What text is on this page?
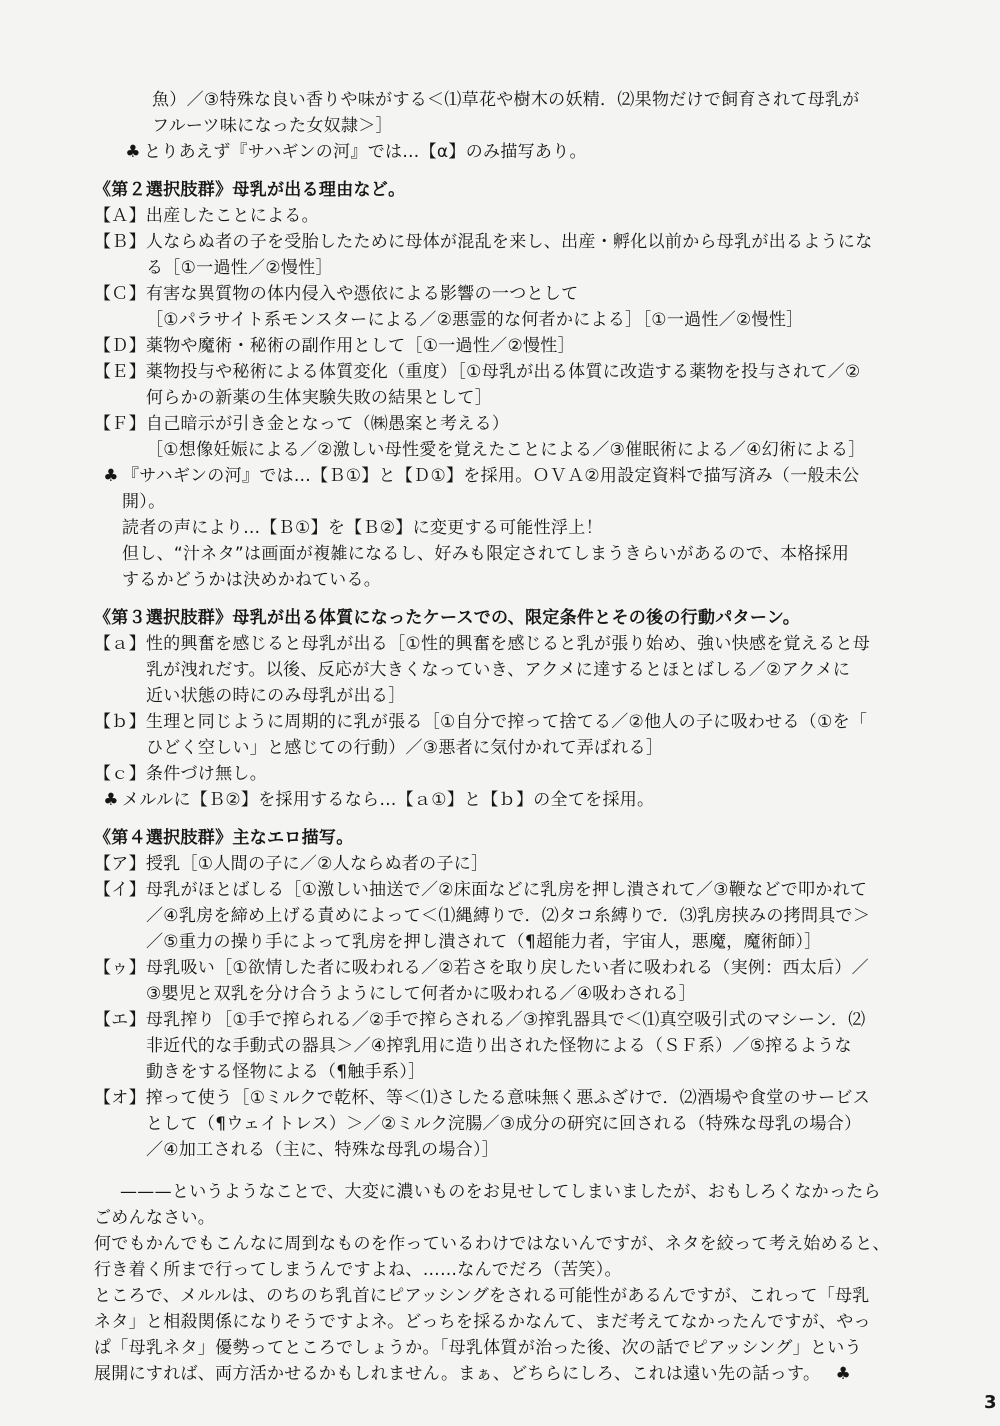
魚）／③特殊な良い香りや味がする＜⑴草花や樹木の妖精．⑵果物だけで飼育されて母乳が
フルーツ味になった女奴隷＞］
♣ とりあえず『サハギンの河』では…【α】のみ描写あり。
《第２選択肢群》母乳が出る理由など。
【Ａ】出産したことによる。
【Ｂ】人ならぬ者の子を受胎したために母体が混乱を来し、出産・孵化以前から母乳が出るようにな
る［①一過性／②慢性］
【Ｃ】有害な異質物の体内侵入や憑依による影響の一つとして
［①パラサイト系モンスターによる／②悪霊的な何者かによる］［①一過性／②慢性］
【Ｄ】薬物や魔術・秘術の副作用として［①一過性／②慢性］
【Ｅ】薬物投与や秘術による体質変化（重度）［①母乳が出る体質に改造する薬物を投与されて／②
何らかの新薬の生体実験失敗の結果として］
【Ｆ】自己暗示が引き金となって（㈱愚案と考える）
［①想像妊娠による／②激しい母性愛を覚えたことによる／③催眠術による／④幻術による］
♣ 『サハギンの河』では…【Ｂ①】と【Ｄ①】を採用。ＯＶＡ②用設定資料で描写済み（一般未公
開）。
読者の声により…【Ｂ①】を【Ｂ②】に変更する可能性浮上！
但し、“汁ネタ”は画面が複雑になるし、好みも限定されてしまうきらいがあるので、本格採用
するかどうかは決めかねている。
《第３選択肢群》母乳が出る体質になったケースでの、限定条件とその後の行動パターン。
【ａ】性的興奮を感じると母乳が出る［①性的興奮を感じると乳が張り始め、強い快感を覚えると母
乳が洩れだす。以後、反応が大きくなっていき、アクメに達するとほとばしる／②アクメに
近い状態の時にのみ母乳が出る］
【ｂ】生理と同じように周期的に乳が張る［①自分で搾って捨てる／②他人の子に吸わせる（①を「
ひどく空しい」と感じての行動）／③悪者に気付かれて弄ばれる］
【ｃ】条件づけ無し。
♣ メルルに【Ｂ②】を採用するなら…【ａ①】と【ｂ】の全てを採用。
《第４選択肢群》主なエロ描写。
【ア】授乳［①人間の子に／②人ならぬ者の子に］
【イ】母乳がほとばしる［①激しい抽送で／②床面などに乳房を押し潰されて／③鞭などで叩かれて
／④乳房を締め上げる責めによって＜⑴縄縛りで．⑵タコ糸縛りで．⑶乳房挟みの拷問具で＞
／⑤重力の操り手によって乳房を押し潰されて（¶超能力者，宇宙人，悪魔，魔術師）］
【ゥ】母乳吸い［①欲情した者に吸われる／②若さを取り戻したい者に吸われる（実例：西太后）／
③嬰児と双乳を分け合うようにして何者かに吸われる／④吸わされる］
【エ】母乳搾り［①手で搾られる／②手で搾らされる／③搾乳器具で＜⑴真空吸引式のマシーン．⑵
非近代的な手動式の器具＞／④搾乳用に造り出された怪物による（ＳＦ系）／⑤搾るような
動きをする怪物による（¶触手系）］
【オ】搾って使う［①ミルクで乾杯、等＜⑴さしたる意味無く悪ふざけで．⑵酒場や食堂のサービス
として（¶ウェイトレス）＞／②ミルク浣腸／③成分の研究に回される（特殊な母乳の場合）
／④加工される（主に、特殊な母乳の場合）］
———というようなことで、大変に濃いものをお見せしてしまいましたが、おもしろくなかったら
ごめんなさい。
何でもかんでもこんなに周到なものを作っているわけではないんですが、ネタを絞って考え始めると、
行き着く所まで行ってしまうんですよね、……なんでだろ（苦笑）。
ところで、メルルは、のちのち乳首にピアッシングをされる可能性があるんですが、これって「母乳
ネタ」と相殺関係になりそうですよネ。どっちを採るかなんて、まだ考えてなかったんですが、やっ
ぱ「母乳ネタ」優勢ってところでしょうか。「母乳体質が治った後、次の話でピアッシング」という
展開にすれば、両方活かせるかもしれません。まぁ、どちらにしろ、これは遠い先の話っす。 ♣
3
